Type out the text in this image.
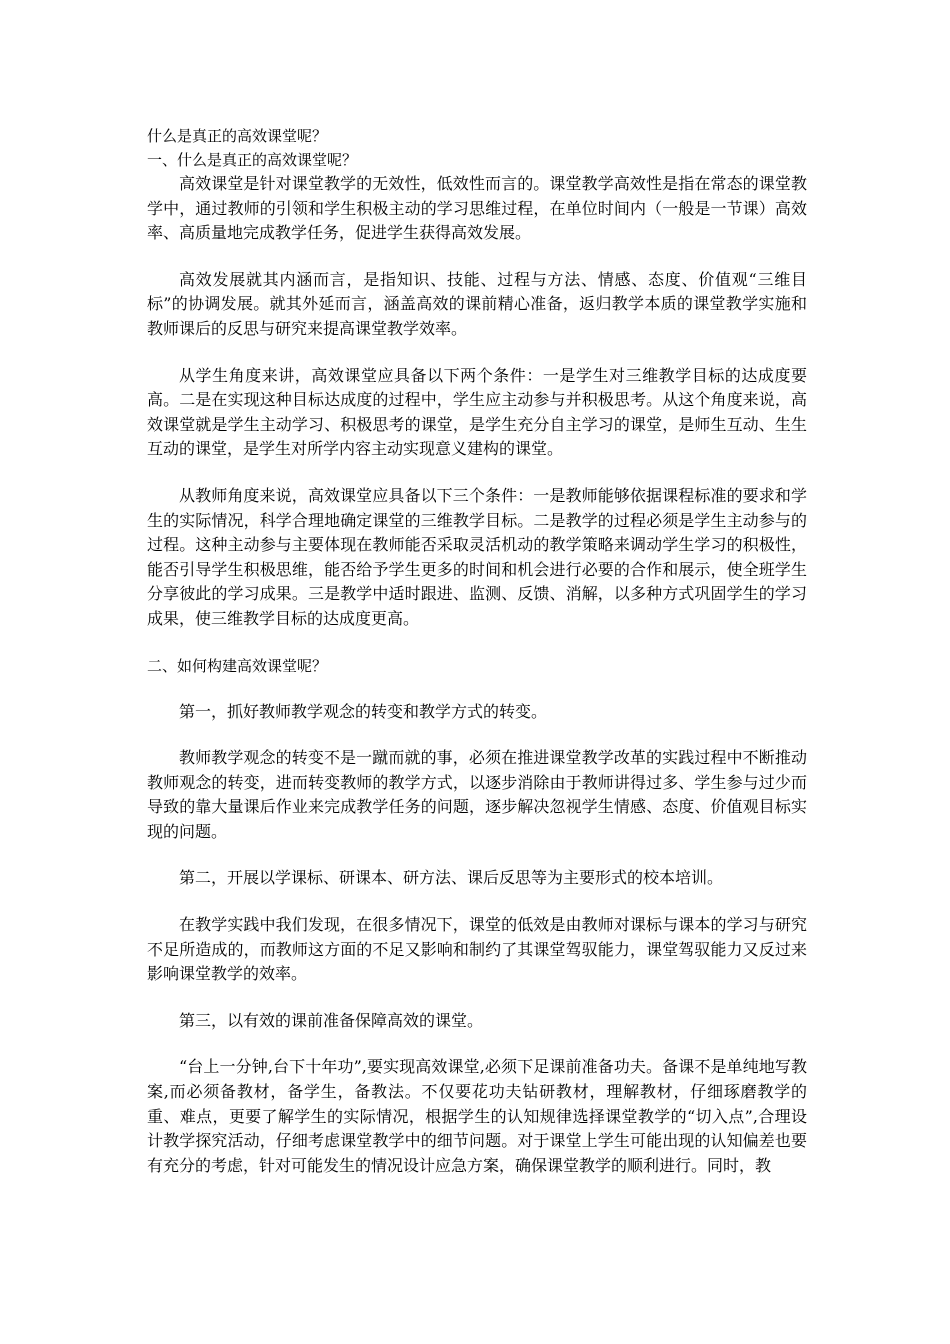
什么是真正的高效课堂呢？

一、什么是真正的高效课堂呢？

高效课堂是针对课堂教学的无效性，低效性而言的。课堂教学高效性是指在常态的课堂教学中，通过教师的引领和学生积极主动的学习思维过程，在单位时间内（一般是一节课）高效率、高质量地完成教学任务，促进学生获得高效发展。

高效发展就其内涵而言，是指知识、技能、过程与方法、情感、态度、价值观“三维目标”的协调发展。就其外延而言，涵盖高效的课前精心准备，返归教学本质的课堂教学实施和教师课后的反思与研究来提高课堂教学效率。

从学生角度来讲，高效课堂应具备以下两个条件：一是学生对三维教学目标的达成度要高。二是在实现这种目标达成度的过程中，学生应主动参与并积极思考。从这个角度来说，高效课堂就是学生主动学习、积极思考的课堂，是学生充分自主学习的课堂，是师生互动、生生互动的课堂，是学生对所学内容主动实现意义建构的课堂。

从教师角度来说，高效课堂应具备以下三个条件：一是教师能够依据课程标准的要求和学生的实际情况，科学合理地确定课堂的三维教学目标。二是教学的过程必须是学生主动参与的过程。这种主动参与主要体现在教师能否采取灵活机动的教学策略来调动学生学习的积极性，能否引导学生积极思维，能否给予学生更多的时间和机会进行必要的合作和展示，使全班学生分享彼此的学习成果。三是教学中适时跟进、监测、反馈、消解，以多种方式巩固学生的学习成果，使三维教学目标的达成度更高。

二、如何构建高效课堂呢？

第一，抓好教师教学观念的转变和教学方式的转变。

教师教学观念的转变不是一蹴而就的事，必须在推进课堂教学改革的实践过程中不断推动教师观念的转变，进而转变教师的教学方式，以逐步消除由于教师讲得过多、学生参与过少而导致的靠大量课后作业来完成教学任务的问题，逐步解决忽视学生情感、态度、价值观目标实现的问题。

第二，开展以学课标、研课本、研方法、课后反思等为主要形式的校本培训。

在教学实践中我们发现，在很多情况下，课堂的低效是由教师对课标与课本的学习与研究不足所造成的，而教师这方面的不足又影响和制约了其课堂驾驭能力，课堂驾驭能力又反过来影响课堂教学的效率。

第三，以有效的课前准备保障高效的课堂。

“台上一分钟,台下十年功”,要实现高效课堂,必须下足课前准备功夫。备课不是单纯地写教案,而必须备教材，备学生，备教法。不仅要花功夫钻研教材，理解教材，仔细琢磨教学的重、难点，更要了解学生的实际情况，根据学生的认知规律选择课堂教学的“切入点”,合理设计教学探究活动，仔细考虑课堂教学中的细节问题。对于课堂上学生可能出现的认知偏差也要有充分的考虑，针对可能发生的情况设计应急方案，确保课堂教学的顺利进行。同时，教
